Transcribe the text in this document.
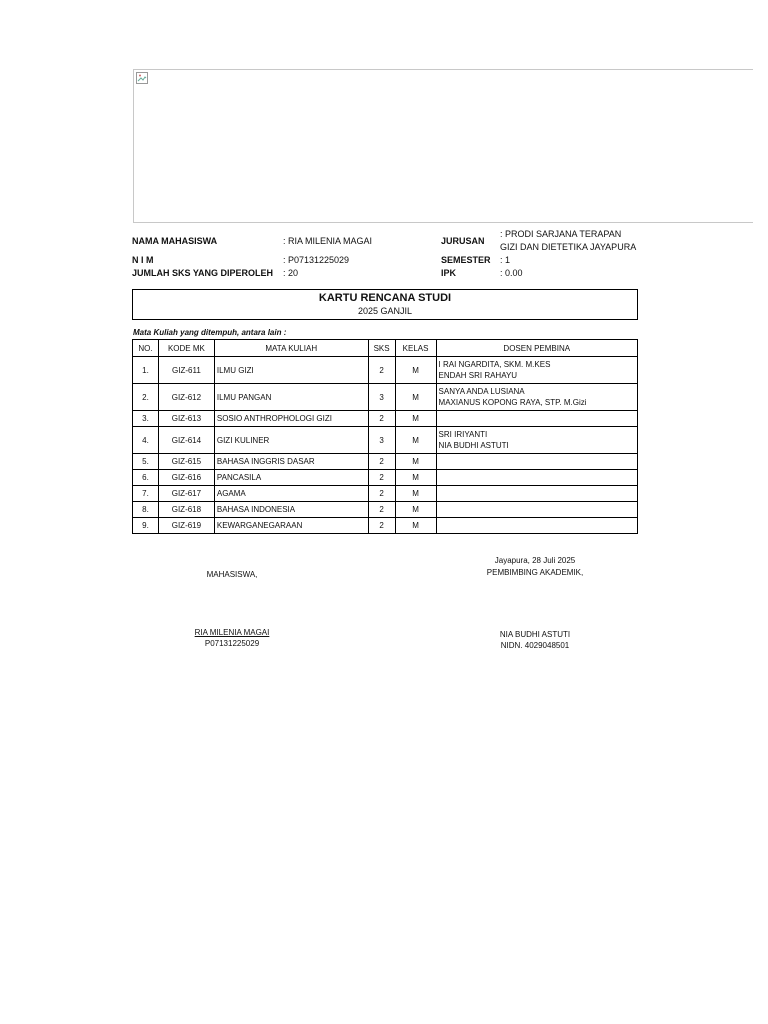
NAMA MAHASISWA	: RIA MILENIA MAGAI	JURUSAN
: PRODI SARJANA TERAPAN
GIZI DAN DIETETIKA JAYAPURA
N I M	: P07131225029	SEMESTER : 1
JUMLAH SKS YANG DIPEROLEH : 20	IPK	: 0.00
KARTU RENCANA STUDI
2025 GANJIL
Mata Kuliah yang ditempuh, antara lain :
NO.	KODE MK	MATA KULIAH	SKS	KELAS	DOSEN PEMBINA
1.	GIZ-611	ILMU GIZI	2	M	I RAI NGARDITA, SKM. M.KES
ENDAH SRI RAHAYU

2.	GIZ-612	ILMU PANGAN	3	M	SANYA ANDA LUSIANA
MAXIANUS KOPONG RAYA, STP. M.Gizi

3.	GIZ-613	SOSIO ANTHROPHOLOGI GIZI	2	M	
4.	GIZ-614	GIZI KULINER	3	M	SRI IRIYANTI
NIA BUDHI ASTUTI

5.	GIZ-615	BAHASA INGGRIS DASAR	2	M	
6.	GIZ-616	PANCASILA	2	M	
7.	GIZ-617	AGAMA	2	M	
8.	GIZ-618	BAHASA INDONESIA	2	M	
9.	GIZ-619	KEWARGANEGARAAN	2	M	
Jayapura, 28 Juli 2025
PEMBIMBING AKADEMIK,
MAHASISWA,
RIA MILENIA MAGAI
P07131225029
NIA BUDHI ASTUTI
NIDN. 4029048501
